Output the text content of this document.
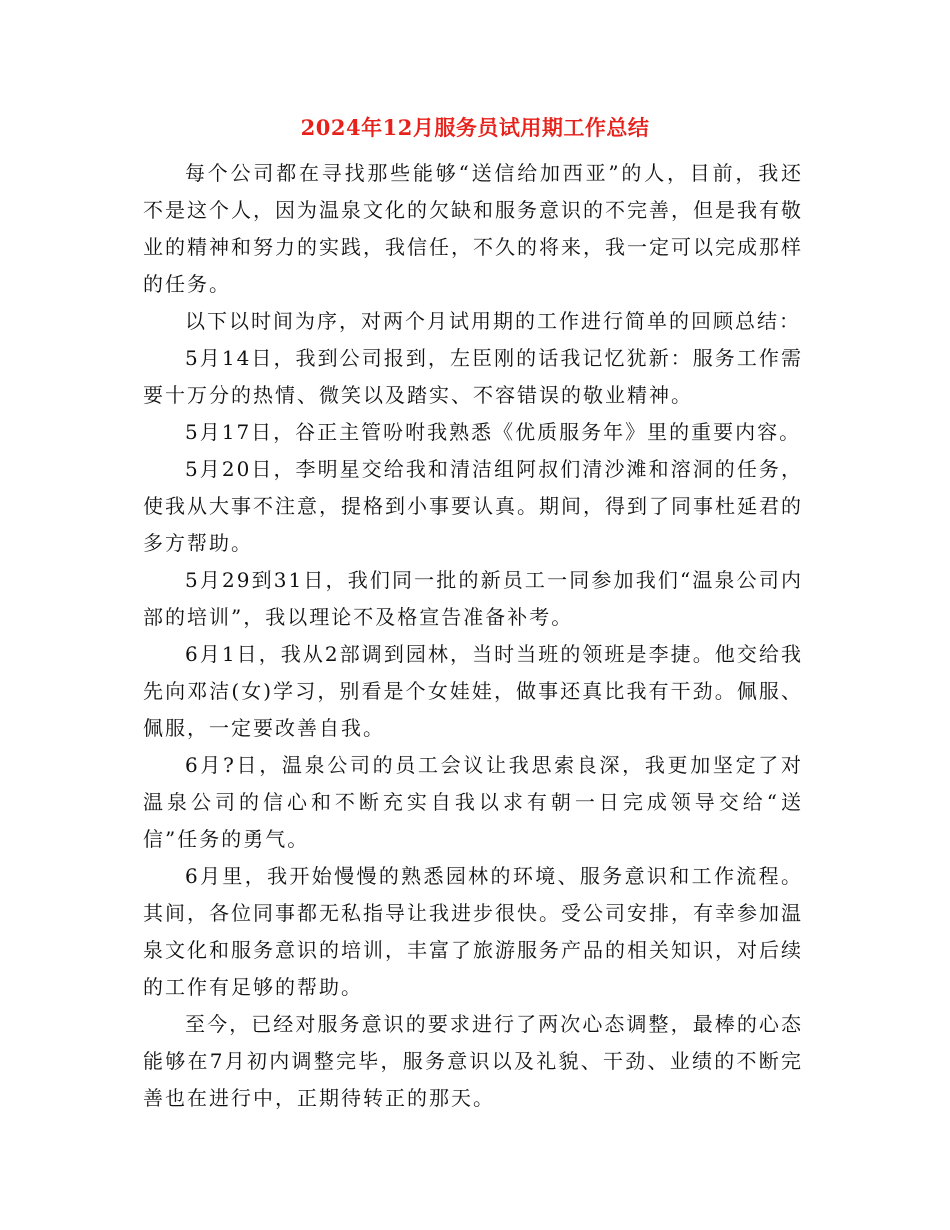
2024年12月服务员试用期工作总结

每个公司都在寻找那些能够“送信给加西亚”的人，目前，我还不是这个人，因为温泉文化的欠缺和服务意识的不完善，但是我有敬业的精神和努力的实践，我信任，不久的将来，我一定可以完成那样的任务。

以下以时间为序，对两个月试用期的工作进行简单的回顾总结：

5月14日，我到公司报到，左臣刚的话我记忆犹新：服务工作需要十万分的热情、微笑以及踏实、不容错误的敬业精神。

5月17日，谷正主管吩咐我熟悉《优质服务年》里的重要内容。

5月20日，李明星交给我和清洁组阿叔们清沙滩和溶洞的任务，使我从大事不注意，提格到小事要认真。期间，得到了同事杜延君的多方帮助。

5月29到31日，我们同一批的新员工一同参加我们“温泉公司内部的培训”，我以理论不及格宣告准备补考。

6月1日，我从2部调到园林，当时当班的领班是李捷。他交给我先向邓洁(女)学习，别看是个女娃娃，做事还真比我有干劲。佩服、佩服，一定要改善自我。

6月?日，温泉公司的员工会议让我思索良深，我更加坚定了对温泉公司的信心和不断充实自我以求有朝一日完成领导交给“送信”任务的勇气。

6月里，我开始慢慢的熟悉园林的环境、服务意识和工作流程。其间，各位同事都无私指导让我进步很快。受公司安排，有幸参加温泉文化和服务意识的培训，丰富了旅游服务产品的相关知识，对后续的工作有足够的帮助。

至今，已经对服务意识的要求进行了两次心态调整，最棒的心态能够在7月初内调整完毕，服务意识以及礼貌、干劲、业绩的不断完善也在进行中，正期待转正的那天。
